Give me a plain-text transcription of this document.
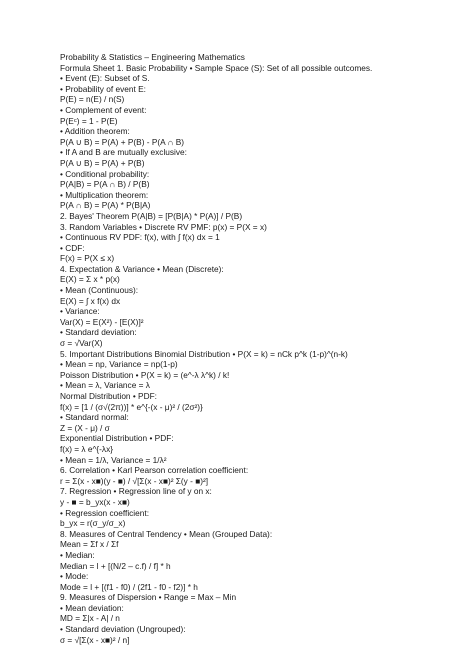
Probability & Statistics – Engineering Mathematics
Formula Sheet 1. Basic Probability • Sample Space (S): Set of all possible outcomes.
• Event (E): Subset of S.
• Probability of event E:
P(E) = n(E) / n(S)
• Complement of event:
P(Eᶜ) = 1 - P(E)
• Addition theorem:
P(A ∪ B) = P(A) + P(B) - P(A ∩ B)
• If A and B are mutually exclusive:
P(A ∪ B) = P(A) + P(B)
• Conditional probability:
P(A|B) = P(A ∩ B) / P(B)
• Multiplication theorem:
P(A ∩ B) = P(A) * P(B|A)
2. Bayes' Theorem P(A|B) = [P(B|A) * P(A)] / P(B)
3. Random Variables • Discrete RV PMF: p(x) = P(X = x)
• Continuous RV PDF: f(x), with ∫ f(x) dx = 1
• CDF:
F(x) = P(X ≤ x)
4. Expectation & Variance • Mean (Discrete):
E(X) = Σ x * p(x)
• Mean (Continuous):
E(X) = ∫ x f(x) dx
• Variance:
Var(X) = E(X²) - [E(X)]²
• Standard deviation:
σ = √Var(X)
5. Important Distributions Binomial Distribution • P(X = k) = nCk p^k (1-p)^(n-k)
• Mean = np, Variance = np(1-p)
Poisson Distribution • P(X = k) = (e^-λ λ^k) / k!
• Mean = λ, Variance = λ
Normal Distribution • PDF:
f(x) = [1 / (σ√(2π))] * e^{-(x - μ)² / (2σ²)}
• Standard normal:
Z = (X - μ) / σ
Exponential Distribution • PDF:
f(x) = λ e^{-λx}
• Mean = 1/λ, Variance = 1/λ²
6. Correlation • Karl Pearson correlation coefficient:
r = Σ(x - x■)(y - ■) / √[Σ(x - x■)² Σ(y - ■)²]
7. Regression • Regression line of y on x:
y - ■ = b_yx(x - x■)
• Regression coefficient:
b_yx = r(σ_y/σ_x)
8. Measures of Central Tendency • Mean (Grouped Data):
Mean = Σf x / Σf
• Median:
Median = l + [(N/2 – c.f) / f] * h
• Mode:
Mode = l + [(f1 - f0) / (2f1 - f0 - f2)] * h
9. Measures of Dispersion • Range = Max – Min
• Mean deviation:
MD = Σ|x - A| / n
• Standard deviation (Ungrouped):
σ = √[Σ(x - x■)² / n]
